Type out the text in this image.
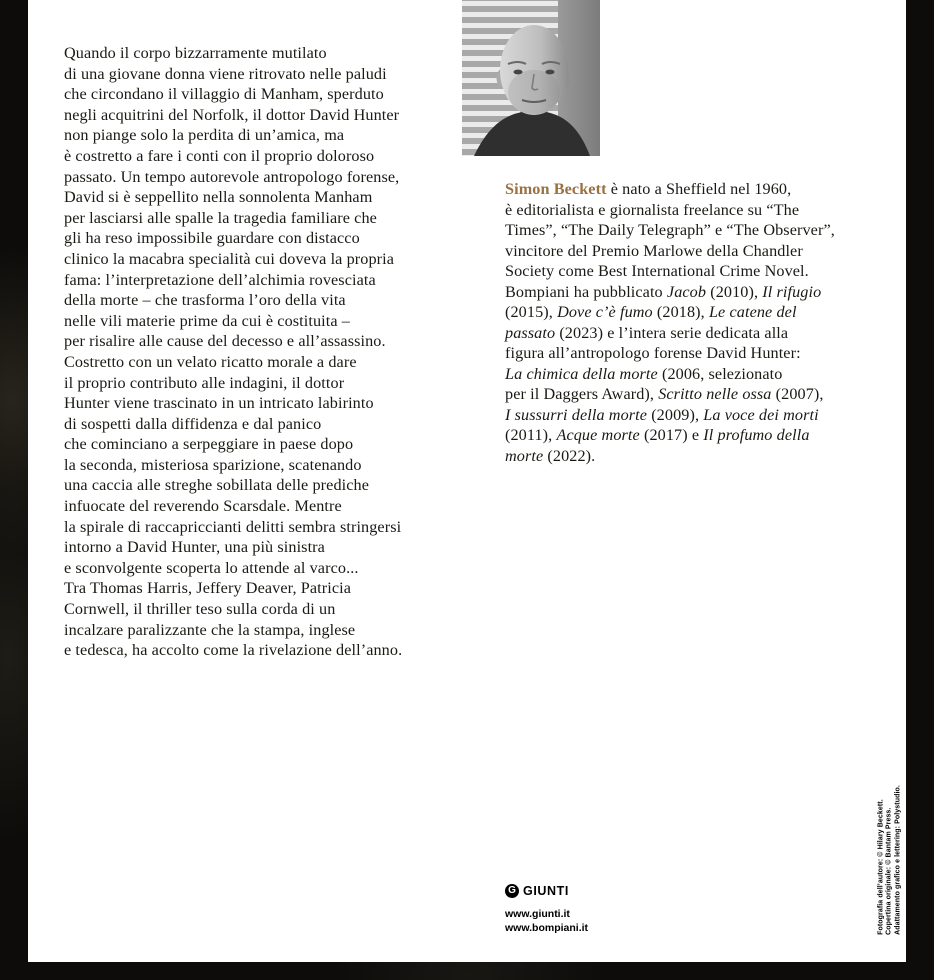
Quando il corpo bizzarramente mutilato
di una giovane donna viene ritrovato nelle paludi
che circondano il villaggio di Manham, sperduto
negli acquitrini del Norfolk, il dottor David Hunter
non piange solo la perdita di un’amica, ma
è costretto a fare i conti con il proprio doloroso
passato. Un tempo autorevole antropologo forense,
David si è seppellito nella sonnolenta Manham
per lasciarsi alle spalle la tragedia familiare che
gli ha reso impossibile guardare con distacco
clinico la macabra specialità cui doveva la propria
fama: l’interpretazione dell’alchimia rovesciata
della morte – che trasforma l’oro della vita
nelle vili materie prime da cui è costituita –
per risalire alle cause del decesso e all’assassino.
Costretto con un velato ricatto morale a dare
il proprio contributo alle indagini, il dottor
Hunter viene trascinato in un intricato labirinto
di sospetti dalla diffidenza e dal panico
che cominciano a serpeggiare in paese dopo
la seconda, misteriosa sparizione, scatenando
una caccia alle streghe sobillata delle prediche
infuocate del reverendo Scarsdale. Mentre
la spirale di raccapriccianti delitti sembra stringersi
intorno a David Hunter, una più sinistra
e sconvolgente scoperta lo attende al varco...
Tra Thomas Harris, Jeffery Deaver, Patricia
Cornwell, il thriller teso sulla corda di un
incalzare paralizzante che la stampa, inglese
e tedesca, ha accolto come la rivelazione dell’anno.
Simon Beckett è nato a Sheffield nel 1960,
è editorialista e giornalista freelance su “The
Times”, “The Daily Telegraph” e “The Observer”,
vincitore del Premio Marlowe della Chandler
Society come Best International Crime Novel.
Bompiani ha pubblicato Jacob (2010), Il rifugio
(2015), Dove c’è fumo (2018), Le catene del
passato (2023) e l’intera serie dedicata alla
figura all’antropologo forense David Hunter:
La chimica della morte (2006, selezionato
per il Daggers Award), Scritto nelle ossa (2007),
I sussurri della morte (2009), La voce dei morti
(2011), Acque morte (2017) e Il profumo della
morte (2022).
G GIUNTI
www.giunti.it
www.bompiani.it	Fotografia dell’autore: © Hilary Beckett. Copertina originale: © Bantam Press. Adattamento grafico e lettering: Polystudio.
